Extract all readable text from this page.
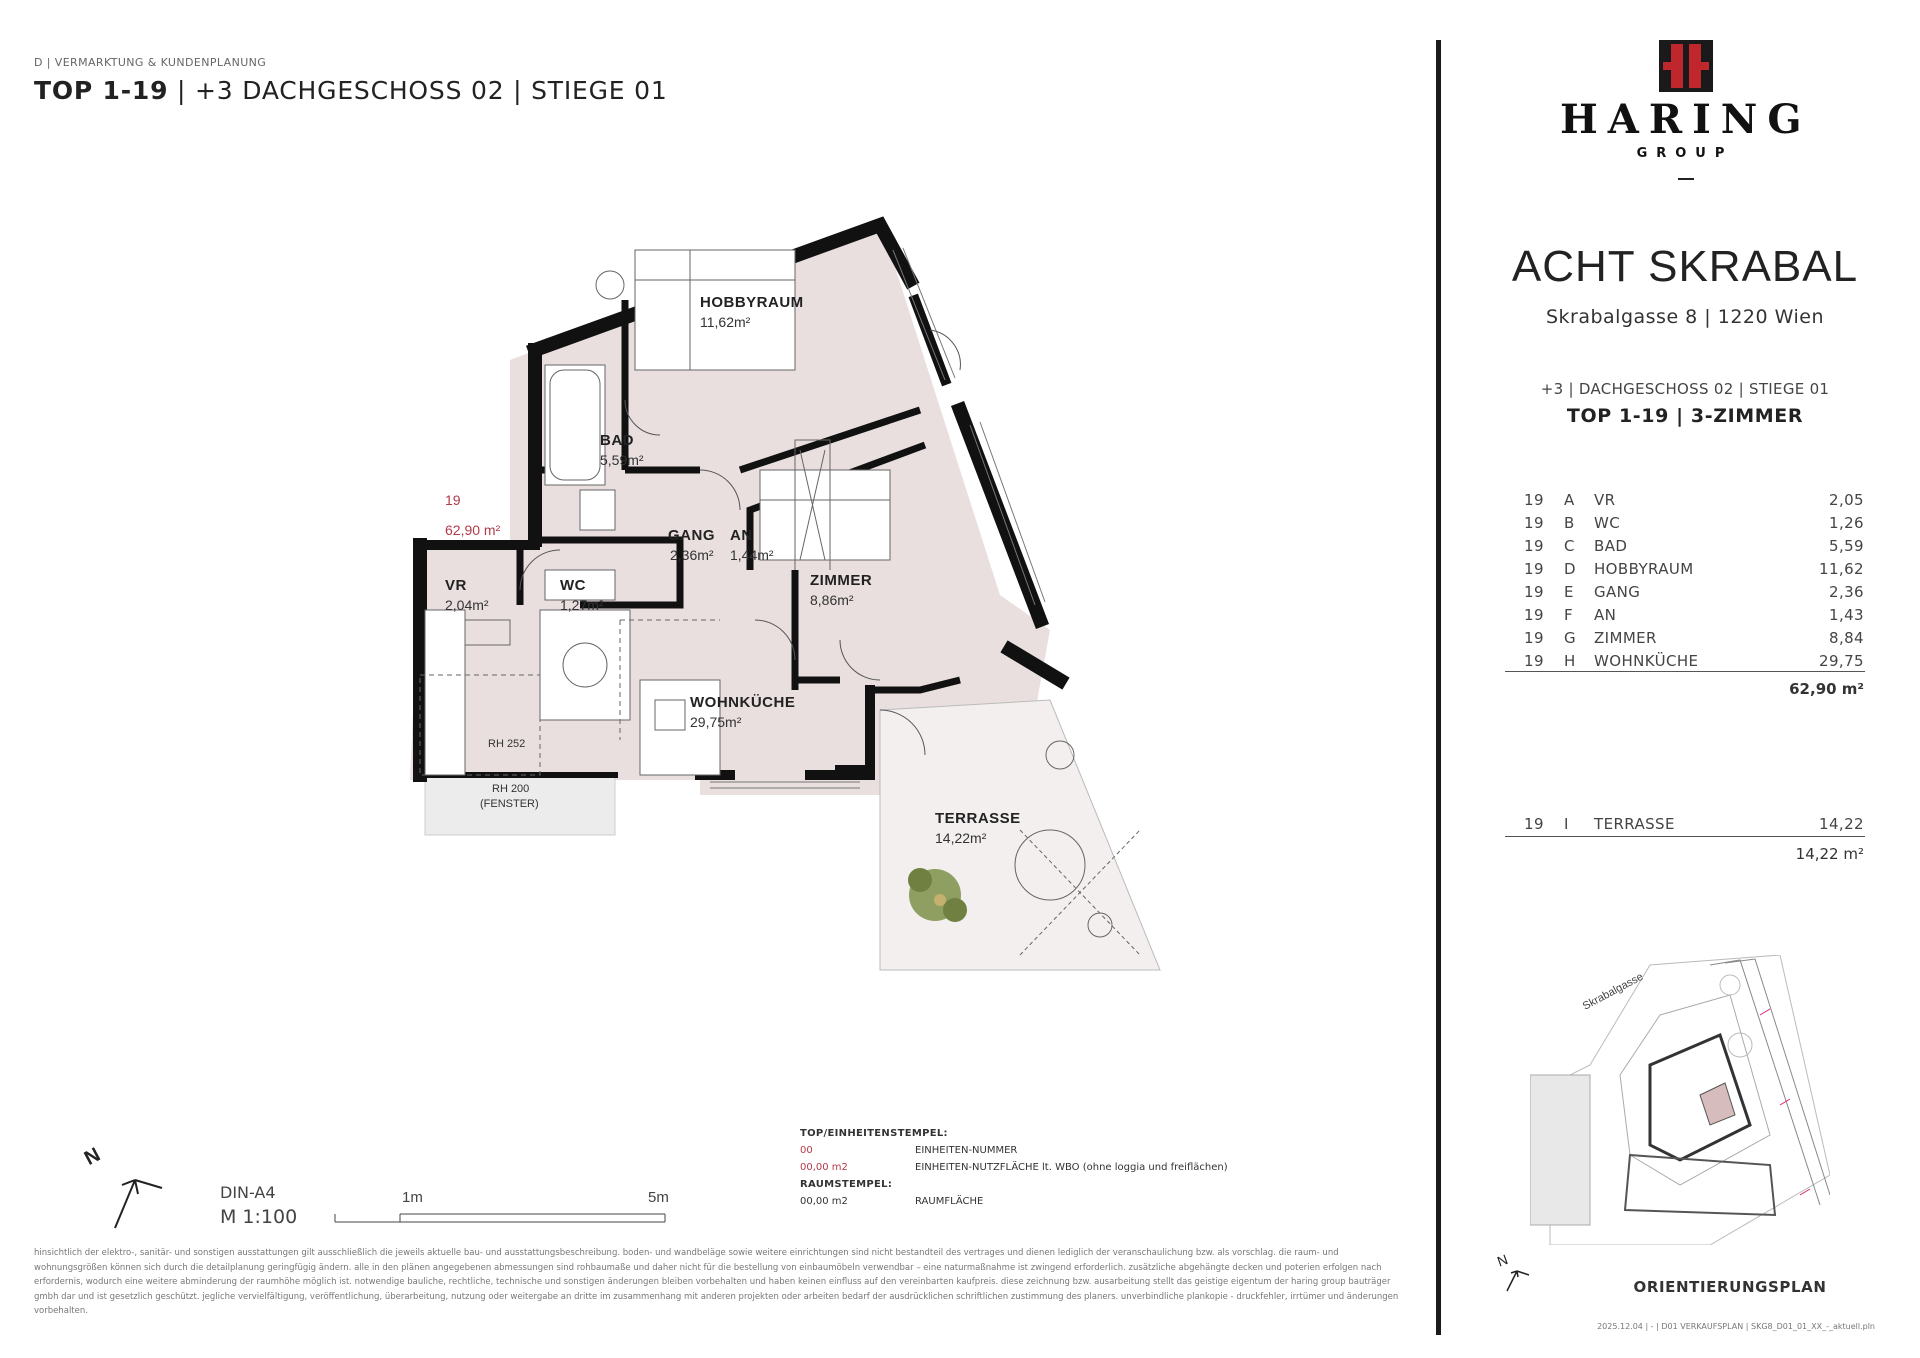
D | VERMARKTUNG & KUNDENPLANUNG
TOP 1-19 | +3 DACHGESCHOSS 02 | STIEGE 01
HARING
GROUP
ACHT SKRABAL
Skrabalgasse 8 | 1220 Wien
+3 | DACHGESCHOSS 02 | STIEGE 01
TOP 1-19 | 3-ZIMMER
19 A VR	2,05
19 B WC	1,26
19 C BAD	5,59
19 D HOBBYRAUM	11,62
19 E GANG	2,36
19 F AN	1,43
19 G ZIMMER	8,84
19 H WOHNKÜCHE	29,75
62,90 m²
19 I TERRASSE	14,22
14,22 m²
Skrabalgasse
N
ORIENTIERUNGSPLAN
2025.12.04 | - | D01 VERKAUFSPLAN | SKG8_D01_01_XX_-_aktuell.pln
HOBBYRAUM
11,62m²
BAD
5,59m²
GANG
2,36m²
AN
1,44m²
ZIMMER
8,86m²
VR
2,04m²
WC
1,27m²
WOHNKÜCHE
29,75m²
TERRASSE
14,22m²
RH 252
RH 200
(FENSTER)
19
62,90 m²
TOP/EINHEITENSTEMPEL:
00	EINHEITEN-NUMMER
00,00 m2	EINHEITEN-NUTZFLÄCHE lt. WBO (ohne loggia und freiflächen)
RAUMSTEMPEL:
00,00 m2	RAUMFLÄCHE
N
DIN-A4
M 1:100
1m	5m
hinsichtlich der elektro-, sanitär- und sonstigen ausstattungen gilt ausschließlich die jeweils aktuelle bau- und ausstattungsbeschreibung. boden- und wandbeläge sowie weitere einrichtungen sind nicht bestandteil des vertrages und dienen lediglich der veranschaulichung bzw. als vorschlag. die raum- und wohnungsgrößen können sich durch die detailplanung geringfügig ändern. alle in den plänen angegebenen abmessungen sind rohbaumaße und daher nicht für die bestellung von einbaumöbeln verwendbar – eine naturmaßnahme ist zwingend erforderlich. zusätzliche abgehängte decken und poterien erfolgen nach erfordernis, wodurch eine weitere abminderung der raumhöhe möglich ist. notwendige bauliche, rechtliche, technische und sonstigen änderungen bleiben vorbehalten und haben keinen einfluss auf den vereinbarten kaufpreis. diese zeichnung bzw. ausarbeitung stellt das geistige eigentum der haring group bauträger gmbh dar und ist gesetzlich geschützt. jegliche vervielfältigung, veröffentlichung, überarbeitung, nutzung oder weitergabe an dritte im zusammenhang mit anderen projekten oder arbeiten bedarf der ausdrücklichen schriftlichen zustimmung des planers. unverbindliche plankopie - druckfehler, irrtümer und änderungen vorbehalten.
